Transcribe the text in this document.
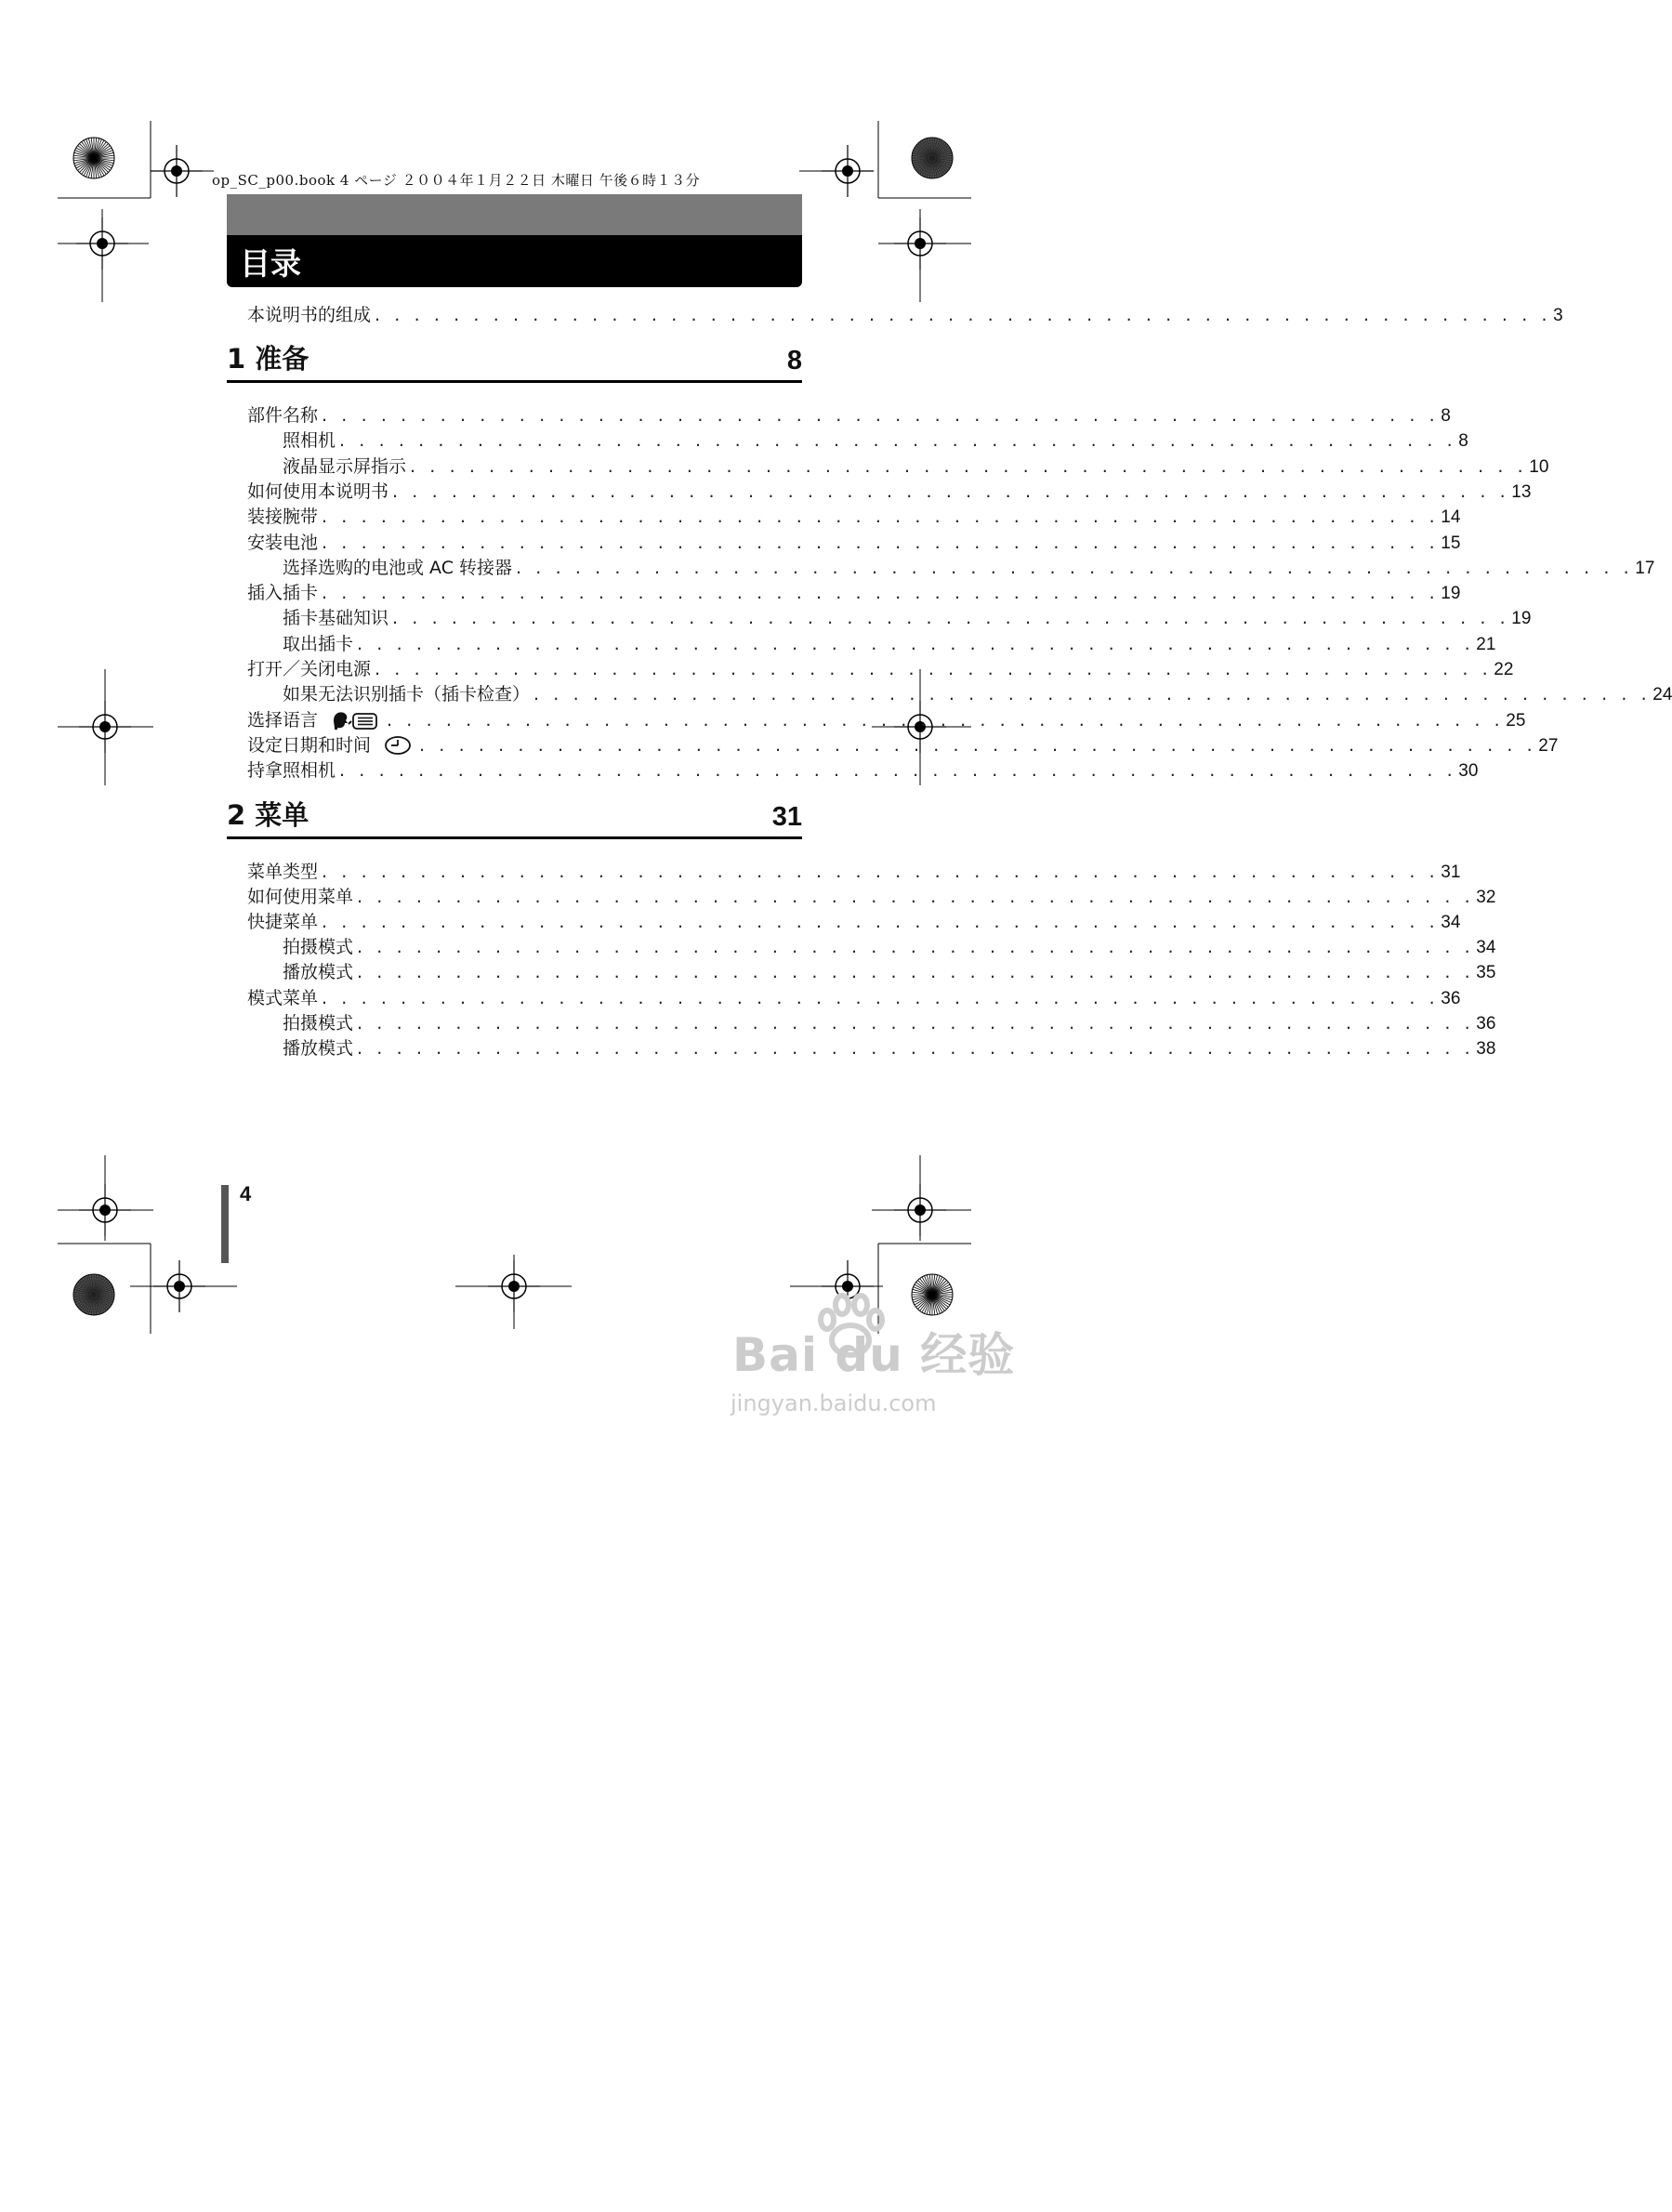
op_SC_p00.book 4 ページ ２００４年１月２２日 木曜日 午後６時１３分
目录
本说明书的组成 . . . . . . . . . . . . . . . . . . . . . . . . . . . . . . . . . . . . . . . . . . . . . . . . . . . . . . . . . . . . 3
1 准备	8
部件名称 . . . . . . . . . . . . . . . . . . . . . . . . . . . . . . . . . . . . . . . . . . . . . . . . . . . . . . . . . 8
照相机 . . . . . . . . . . . . . . . . . . . . . . . . . . . . . . . . . . . . . . . . . . . . . . . . . . . . . . . . . 8
液晶显示屏指示 . . . . . . . . . . . . . . . . . . . . . . . . . . . . . . . . . . . . . . . . . . . . . . . . . . . . . . . . . 10
如何使用本说明书 . . . . . . . . . . . . . . . . . . . . . . . . . . . . . . . . . . . . . . . . . . . . . . . . . . . . . . . . . 13
装接腕带 . . . . . . . . . . . . . . . . . . . . . . . . . . . . . . . . . . . . . . . . . . . . . . . . . . . . . . . . . 14
安装电池 . . . . . . . . . . . . . . . . . . . . . . . . . . . . . . . . . . . . . . . . . . . . . . . . . . . . . . . . . 15
选择选购的电池或 AC 转接器 . . . . . . . . . . . . . . . . . . . . . . . . . . . . . . . . . . . . . . . . . . . . . . . . . . . . . . . . . 17
插入插卡 . . . . . . . . . . . . . . . . . . . . . . . . . . . . . . . . . . . . . . . . . . . . . . . . . . . . . . . . . 19
插卡基础知识 . . . . . . . . . . . . . . . . . . . . . . . . . . . . . . . . . . . . . . . . . . . . . . . . . . . . . . . . . 19
取出插卡 . . . . . . . . . . . . . . . . . . . . . . . . . . . . . . . . . . . . . . . . . . . . . . . . . . . . . . . . . 21
打开／关闭电源 . . . . . . . . . . . . . . . . . . . . . . . . . . . . . . . . . . . . . . . . . . . . . . . . . . . . . . . . . 22
如果无法识别插卡（插卡检查） . . . . . . . . . . . . . . . . . . . . . . . . . . . . . . . . . . . . . . . . . . . . . . . . . . . . . . . . . 24
选择语言	. . . . . . . . . . . . . . . . . . . . . . . . . . . . . . . . . . . . . . . . . . . . . . . . . . . . . . . . . 25
设定日期和时间	. . . . . . . . . . . . . . . . . . . . . . . . . . . . . . . . . . . . . . . . . . . . . . . . . . . . . . . . . 27
持拿照相机 . . . . . . . . . . . . . . . . . . . . . . . . . . . . . . . . . . . . . . . . . . . . . . . . . . . . . . . . . 30
2 菜单	31
菜单类型 . . . . . . . . . . . . . . . . . . . . . . . . . . . . . . . . . . . . . . . . . . . . . . . . . . . . . . . . . 31
如何使用菜单 . . . . . . . . . . . . . . . . . . . . . . . . . . . . . . . . . . . . . . . . . . . . . . . . . . . . . . . . . 32
快捷菜单 . . . . . . . . . . . . . . . . . . . . . . . . . . . . . . . . . . . . . . . . . . . . . . . . . . . . . . . . . 34
拍摄模式 . . . . . . . . . . . . . . . . . . . . . . . . . . . . . . . . . . . . . . . . . . . . . . . . . . . . . . . . . 34
播放模式 . . . . . . . . . . . . . . . . . . . . . . . . . . . . . . . . . . . . . . . . . . . . . . . . . . . . . . . . . 35
模式菜单 . . . . . . . . . . . . . . . . . . . . . . . . . . . . . . . . . . . . . . . . . . . . . . . . . . . . . . . . . 36
拍摄模式 . . . . . . . . . . . . . . . . . . . . . . . . . . . . . . . . . . . . . . . . . . . . . . . . . . . . . . . . . 36
播放模式 . . . . . . . . . . . . . . . . . . . . . . . . . . . . . . . . . . . . . . . . . . . . . . . . . . . . . . . . . 38
4
Bai du 经验
jingyan.baidu.com
